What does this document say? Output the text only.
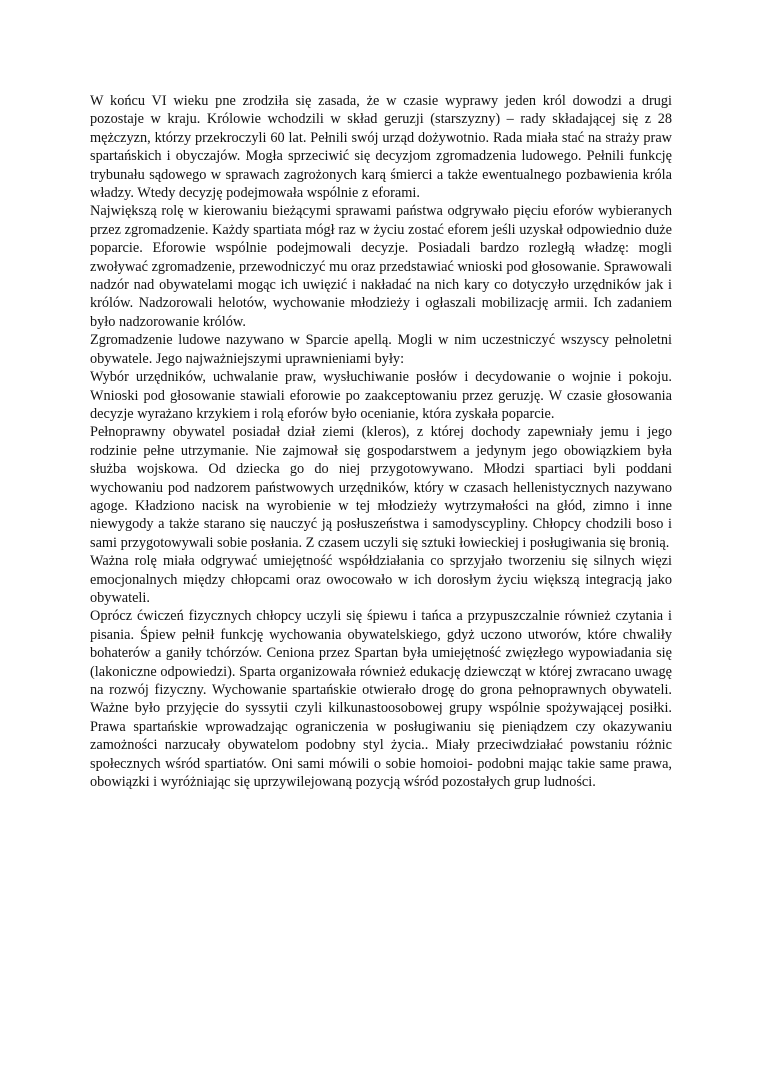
W końcu VI wieku pne zrodziła się zasada, że w czasie wyprawy jeden król dowodzi a drugi pozostaje w kraju. Królowie wchodzili w skład geruzji (starszyzny) – rady składającej się z 28 mężczyzn, którzy przekroczyli 60 lat. Pełnili swój urząd dożywotnio. Rada miała stać na straży praw spartańskich i obyczajów. Mogła sprzeciwić się decyzjom zgromadzenia ludowego. Pełnili funkcję trybunału sądowego w sprawach zagrożonych karą śmierci a także ewentualnego pozbawienia króla władzy. Wtedy decyzję podejmowała wspólnie z eforami.

Największą rolę w kierowaniu bieżącymi sprawami państwa odgrywało pięciu eforów wybieranych przez zgromadzenie. Każdy spartiata mógł raz w życiu zostać eforem jeśli uzyskał odpowiednio duże poparcie. Eforowie wspólnie podejmowali decyzje. Posiadali bardzo rozległą władzę: mogli zwoływać zgromadzenie, przewodniczyć mu oraz przedstawiać wnioski pod głosowanie. Sprawowali nadzór nad obywatelami mogąc ich uwięzić i nakładać na nich kary co dotyczyło urzędników jak i królów. Nadzorowali helotów, wychowanie młodzieży i ogłaszali mobilizację armii. Ich zadaniem było nadzorowanie królów.

Zgromadzenie ludowe nazywano w Sparcie apellą. Mogli w nim uczestniczyć wszyscy pełnoletni obywatele. Jego najważniejszymi uprawnieniami były:

Wybór urzędników, uchwalanie praw, wysłuchiwanie posłów i decydowanie o wojnie i pokoju. Wnioski pod głosowanie stawiali eforowie po zaakceptowaniu przez geruzję. W czasie głosowania decyzje wyrażano krzykiem i rolą eforów było ocenianie, która zyskała poparcie.

Pełnoprawny obywatel posiadał dział ziemi (kleros), z której dochody zapewniały jemu i jego rodzinie pełne utrzymanie. Nie zajmował się gospodarstwem a jedynym jego obowiązkiem była służba wojskowa. Od dziecka go do niej przygotowywano. Młodzi spartiaci byli poddani wychowaniu pod nadzorem państwowych urzędników, który w czasach hellenistycznych nazywano agoge. Kładziono nacisk na wyrobienie w tej młodzieży wytrzymałości na głód, zimno i inne niewygody a także starano się nauczyć ją posłuszeństwa i samodyscypliny. Chłopcy chodzili boso i sami przygotowywali sobie posłania. Z czasem uczyli się sztuki łowieckiej i posługiwania się bronią.

Ważna rolę miała odgrywać umiejętność współdziałania co sprzyjało tworzeniu się silnych więzi emocjonalnych między chłopcami oraz owocowało w ich dorosłym życiu większą integracją jako obywateli.

Oprócz ćwiczeń fizycznych chłopcy uczyli się śpiewu i tańca a przypuszczalnie również czytania i pisania. Śpiew pełnił funkcję wychowania obywatelskiego, gdyż uczono utworów, które chwaliły bohaterów a ganiły tchórzów. Ceniona przez Spartan była umiejętność zwięzłego wypowiadania się (lakoniczne odpowiedzi). Sparta organizowała również edukację dziewcząt w której zwracano uwagę na rozwój fizyczny. Wychowanie spartańskie otwierało drogę do grona pełnoprawnych obywateli. Ważne było przyjęcie do syssytii czyli kilkunastoosobowej grupy wspólnie spożywającej posiłki. Prawa spartańskie wprowadzając ograniczenia w posługiwaniu się pieniądzem czy okazywaniu zamożności narzucały obywatelom podobny styl życia.. Miały przeciwdziałać powstaniu różnic społecznych wśród spartiatów. Oni sami mówili o sobie homoioi- podobni mając takie same prawa, obowiązki i wyróżniając się uprzywilejowaną pozycją wśród pozostałych grup ludności.
